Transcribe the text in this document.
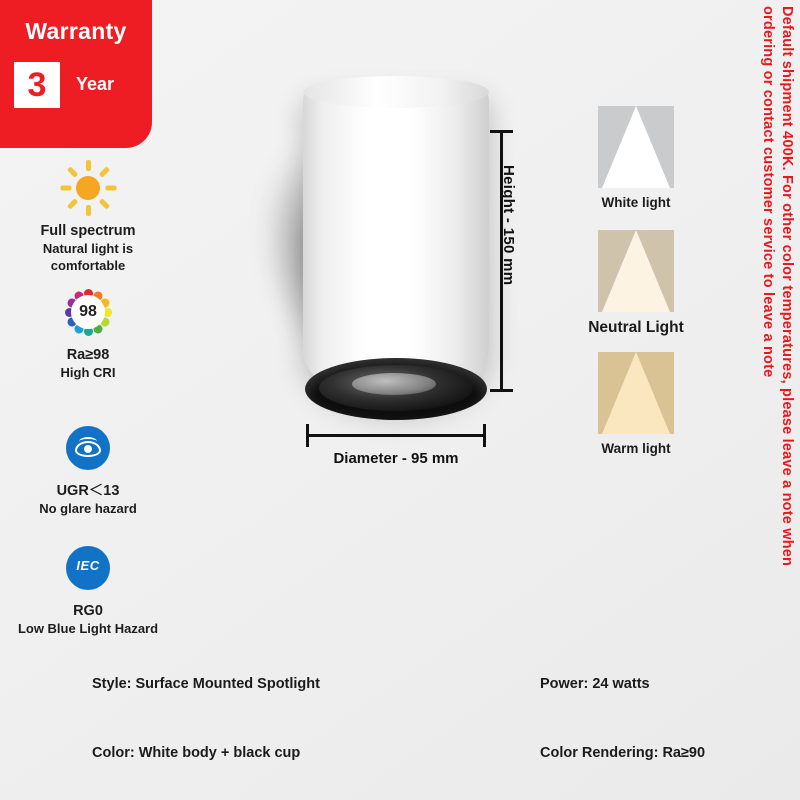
Warranty
3	Year	Default shipment 400K. For other color temperatures, please leave a note when ordering or contact customer service to leave a note
Full spectrum
Natural light is
comfortable
98
Ra≥98
High CRI
UGR＜13
No glare hazard
IEC
RG0
Low Blue Light Hazard
Height - 150 mm
Diameter - 95 mm
White light
Neutral Light
Warm light
Style: Surface Mounted Spotlight	Power: 24 watts
Color: White body + black cup	Color Rendering: Ra≥90
